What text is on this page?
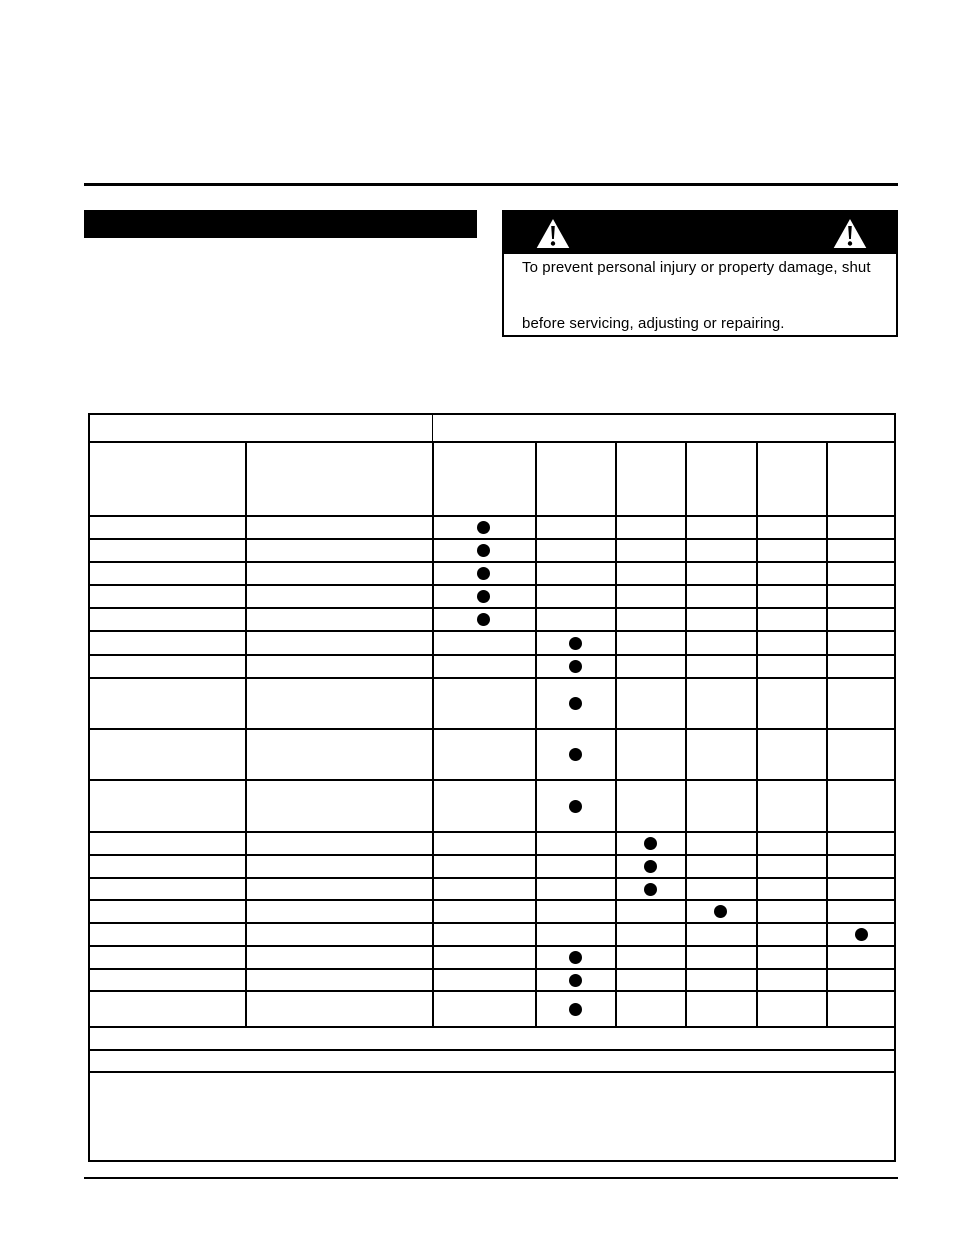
To prevent personal injury or property damage, shut
before servicing, adjusting or repairing.
